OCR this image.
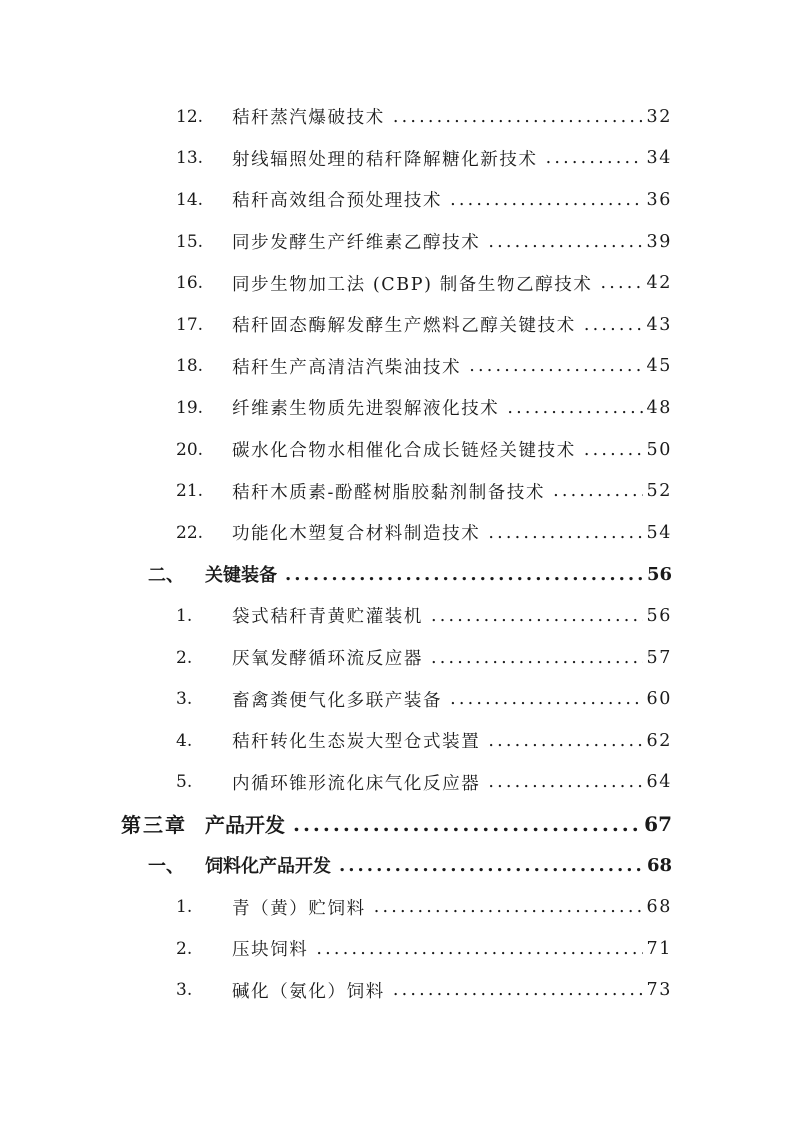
12.	秸秆蒸汽爆破技术 .....	32
13.	射线辐照处理的秸秆降解糖化新技术 .....	34
14.	秸秆高效组合预处理技术 .....	36
15.	同步发酵生产纤维素乙醇技术 .....	39
16.	同步生物加工法 (CBP) 制备生物乙醇技术 .....	42
17.	秸秆固态酶解发酵生产燃料乙醇关键技术 .....	43
18.	秸秆生产高清洁汽柴油技术 .....	45
19.	纤维素生物质先进裂解液化技术 .....	48
20.	碳水化合物水相催化合成长链烃关键技术 .....	50
21.	秸秆木质素-酚醛树脂胶黏剂制备技术 .....	52
22.	功能化木塑复合材料制造技术 .....	54
二、 关键装备 .....	56
1.	袋式秸秆青黄贮灌装机 .....	56
2.	厌氧发酵循环流反应器 .....	57
3.	畜禽粪便气化多联产装备 .....	60
4.	秸秆转化生态炭大型仓式装置 .....	62
5.	内循环锥形流化床气化反应器 .....	64
第三章 产品开发 .....	67
一、 饲料化产品开发 .....	68
1.	青（黄）贮饲料 .....	68
2.	压块饲料 .....	71
3.	碱化（氨化）饲料 .....	73
